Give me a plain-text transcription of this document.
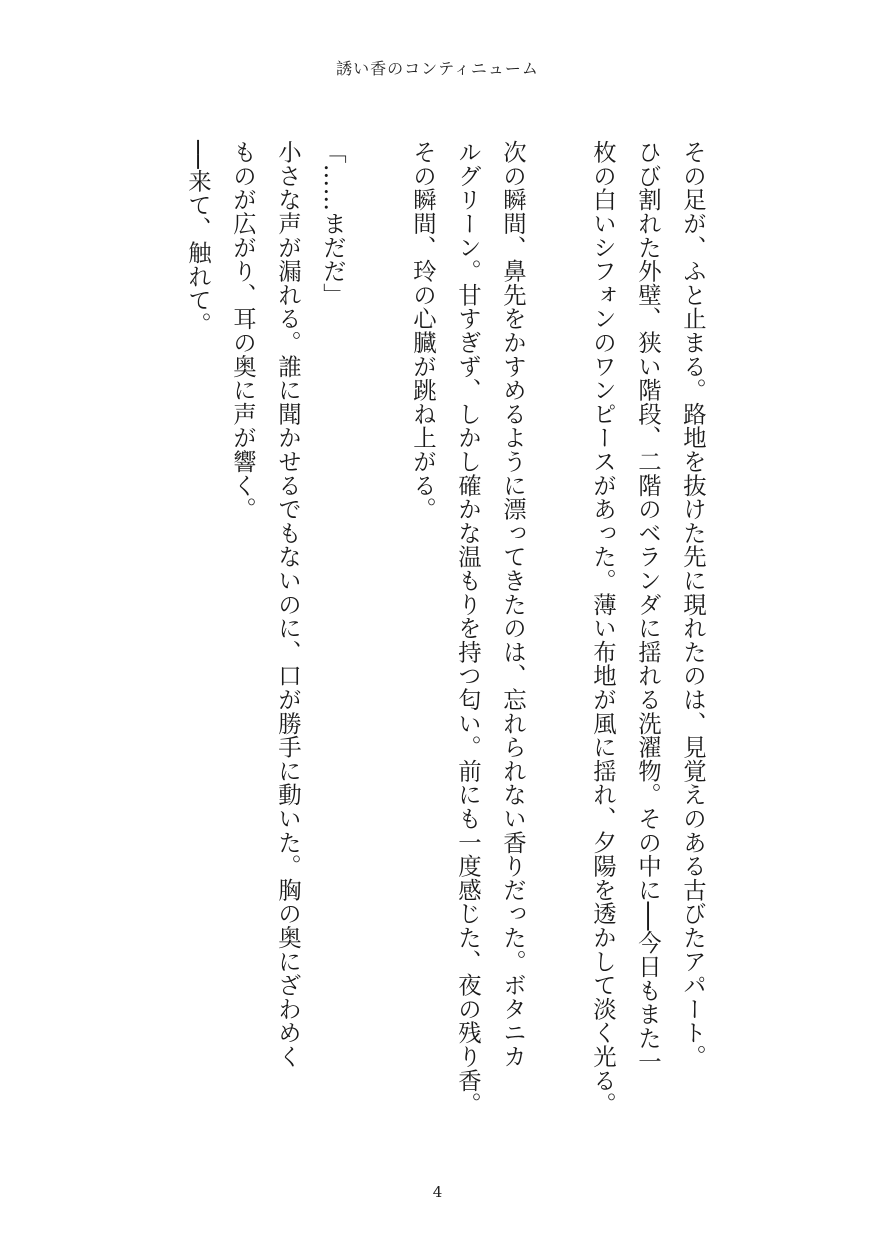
誘い香のコンティニューム
その足が、ふと止まる。路地を抜けた先に現れたのは、見覚えのある古びたアパート。
ひび割れた外壁、狭い階段、二階のベランダに揺れる洗濯物。その中に──今日もまた一
枚の白いシフォンのワンピースがあった。薄い布地が風に揺れ、夕陽を透かして淡く光る。
次の瞬間、鼻先をかすめるように漂ってきたのは、忘れられない香りだった。ボタニカ
ルグリーン。甘すぎず、しかし確かな温もりを持つ匂い。前にも一度感じた、夜の残り香。
その瞬間、玲の心臓が跳ね上がる。
「……まだだ」
小さな声が漏れる。誰に聞かせるでもないのに、口が勝手に動いた。胸の奥にざわめく
ものが広がり、耳の奥に声が響く。
──来て、触れて。
4
